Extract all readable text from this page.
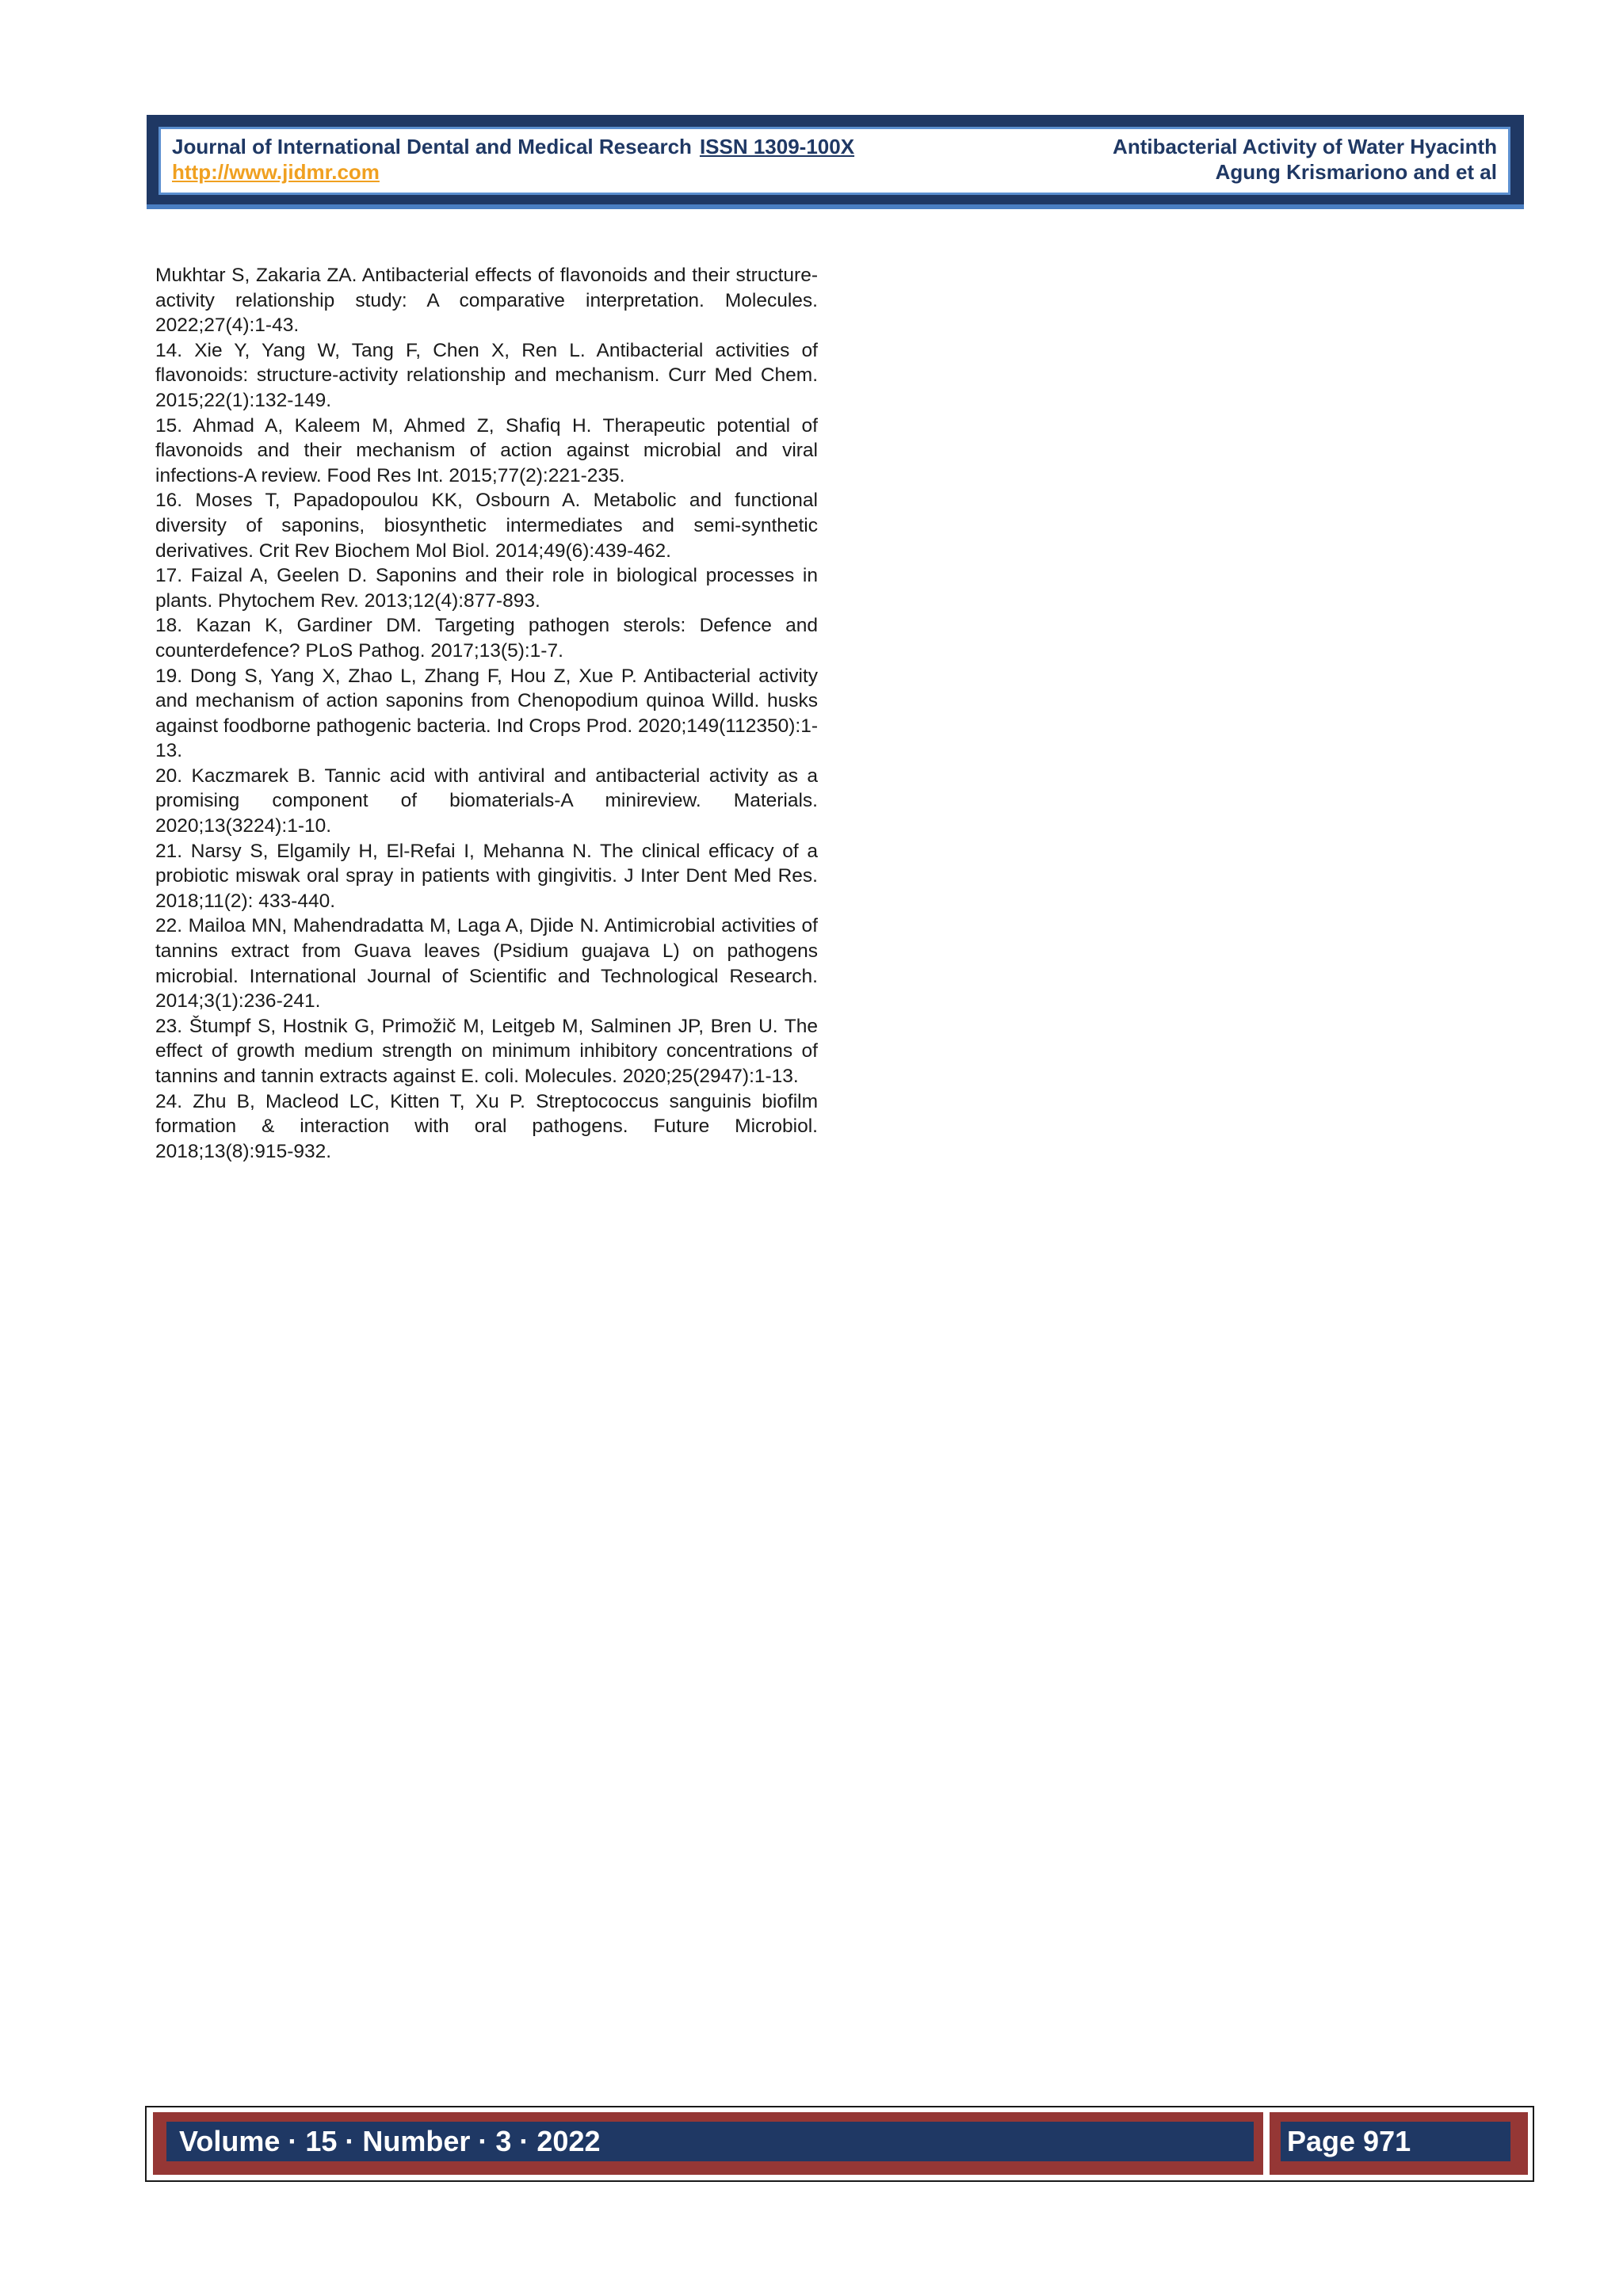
Journal of International Dental and Medical Research ISSN 1309-100X	Antibacterial Activity of Water Hyacinth
http://www.jidmr.com	Agung Krismariono and et al

Mukhtar S, Zakaria ZA. Antibacterial effects of flavonoids and their structure-activity relationship study: A comparative interpretation. Molecules. 2022;27(4):1-43.

14. Xie Y, Yang W, Tang F, Chen X, Ren L. Antibacterial activities of flavonoids: structure-activity relationship and mechanism. Curr Med Chem. 2015;22(1):132-149.

15. Ahmad A, Kaleem M, Ahmed Z, Shafiq H. Therapeutic potential of flavonoids and their mechanism of action against microbial and viral infections-A review. Food Res Int. 2015;77(2):221-235.

16. Moses T, Papadopoulou KK, Osbourn A. Metabolic and functional diversity of saponins, biosynthetic intermediates and semi-synthetic derivatives. Crit Rev Biochem Mol Biol. 2014;49(6):439-462.

17. Faizal A, Geelen D. Saponins and their role in biological processes in plants. Phytochem Rev. 2013;12(4):877-893.

18. Kazan K, Gardiner DM. Targeting pathogen sterols: Defence and counterdefence? PLoS Pathog. 2017;13(5):1-7.

19. Dong S, Yang X, Zhao L, Zhang F, Hou Z, Xue P. Antibacterial activity and mechanism of action saponins from Chenopodium quinoa Willd. husks against foodborne pathogenic bacteria. Ind Crops Prod. 2020;149(112350):1-13.

20. Kaczmarek B. Tannic acid with antiviral and antibacterial activity as a promising component of biomaterials-A minireview. Materials. 2020;13(3224):1-10.

21. Narsy S, Elgamily H, El-Refai I, Mehanna N. The clinical efficacy of a probiotic miswak oral spray in patients with gingivitis. J Inter Dent Med Res. 2018;11(2): 433-440.

22. Mailoa MN, Mahendradatta M, Laga A, Djide N. Antimicrobial activities of tannins extract from Guava leaves (Psidium guajava L) on pathogens microbial. International Journal of Scientific and Technological Research. 2014;3(1):236-241.

23. Štumpf S, Hostnik G, Primožič M, Leitgeb M, Salminen JP, Bren U. The effect of growth medium strength on minimum inhibitory concentrations of tannins and tannin extracts against E. coli. Molecules. 2020;25(2947):1-13.

24. Zhu B, Macleod LC, Kitten T, Xu P. Streptococcus sanguinis biofilm formation & interaction with oral pathogens. Future Microbiol. 2018;13(8):915-932.

Volume · 15 · Number · 3 · 2022	Page 971
